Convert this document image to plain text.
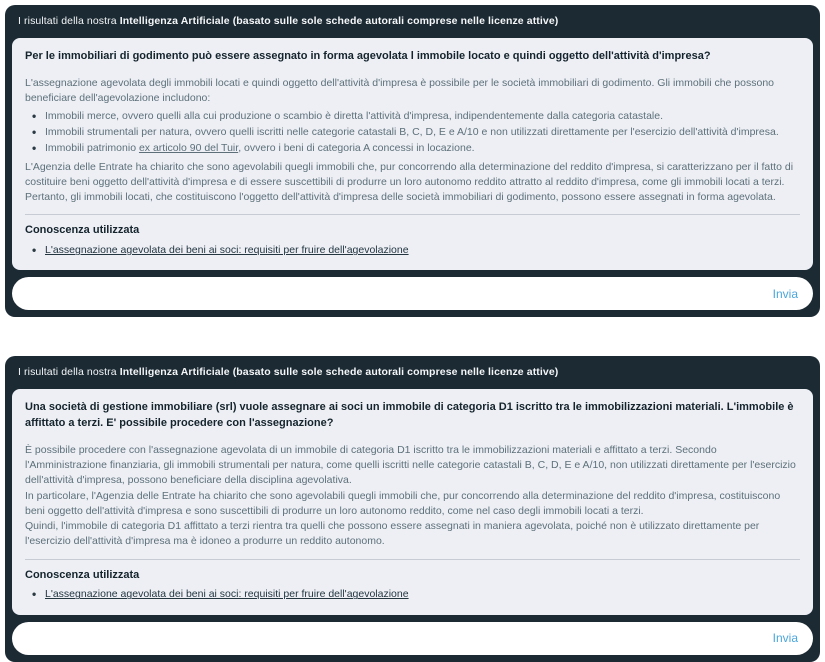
I risultati della nostra Intelligenza Artificiale (basato sulle sole schede autorali comprese nelle licenze attive)
Per le immobiliari di godimento può essere assegnato in forma agevolata l immobile locato e quindi oggetto dell'attività d'impresa?

L'assegnazione agevolata degli immobili locati e quindi oggetto dell'attività d'impresa è possibile per le società immobiliari di godimento. Gli immobili che possono beneficiare dell'agevolazione includono:

• Immobili merce, ovvero quelli alla cui produzione o scambio è diretta l'attività d'impresa, indipendentemente dalla categoria catastale.
• Immobili strumentali per natura, ovvero quelli iscritti nelle categorie catastali B, C, D, E e A/10 e non utilizzati direttamente per l'esercizio dell'attività d'impresa.
• Immobili patrimonio ex articolo 90 del Tuir, ovvero i beni di categoria A concessi in locazione.

L'Agenzia delle Entrate ha chiarito che sono agevolabili quegli immobili che, pur concorrendo alla determinazione del reddito d'impresa, si caratterizzano per il fatto di costituire beni oggetto dell'attività d'impresa e di essere suscettibili di produrre un loro autonomo reddito attratto al reddito d'impresa, come gli immobili locati a terzi.

Pertanto, gli immobili locati, che costituiscono l'oggetto dell'attività d'impresa delle società immobiliari di godimento, possono essere assegnati in forma agevolata.

Conoscenza utilizzata
• L'assegnazione agevolata dei beni ai soci: requisiti per fruire dell'agevolazione
Invia
I risultati della nostra Intelligenza Artificiale (basato sulle sole schede autorali comprese nelle licenze attive)
Una società di gestione immobiliare (srl) vuole assegnare ai soci un immobile di categoria D1 iscritto tra le immobilizzazioni materiali. L'immobile è affittato a terzi. E' possibile procedere con l'assegnazione?

È possibile procedere con l'assegnazione agevolata di un immobile di categoria D1 iscritto tra le immobilizzazioni materiali e affittato a terzi. Secondo l'Amministrazione finanziaria, gli immobili strumentali per natura, come quelli iscritti nelle categorie catastali B, C, D, E e A/10, non utilizzati direttamente per l'esercizio dell'attività d'impresa, possono beneficiare della disciplina agevolativa.

In particolare, l'Agenzia delle Entrate ha chiarito che sono agevolabili quegli immobili che, pur concorrendo alla determinazione del reddito d'impresa, costituiscono beni oggetto dell'attività d'impresa e sono suscettibili di produrre un loro autonomo reddito, come nel caso degli immobili locati a terzi.

Quindi, l'immobile di categoria D1 affittato a terzi rientra tra quelli che possono essere assegnati in maniera agevolata, poiché non è utilizzato direttamente per l'esercizio dell'attività d'impresa ma è idoneo a produrre un reddito autonomo.

Conoscenza utilizzata
• L'assegnazione agevolata dei beni ai soci: requisiti per fruire dell'agevolazione
Invia
